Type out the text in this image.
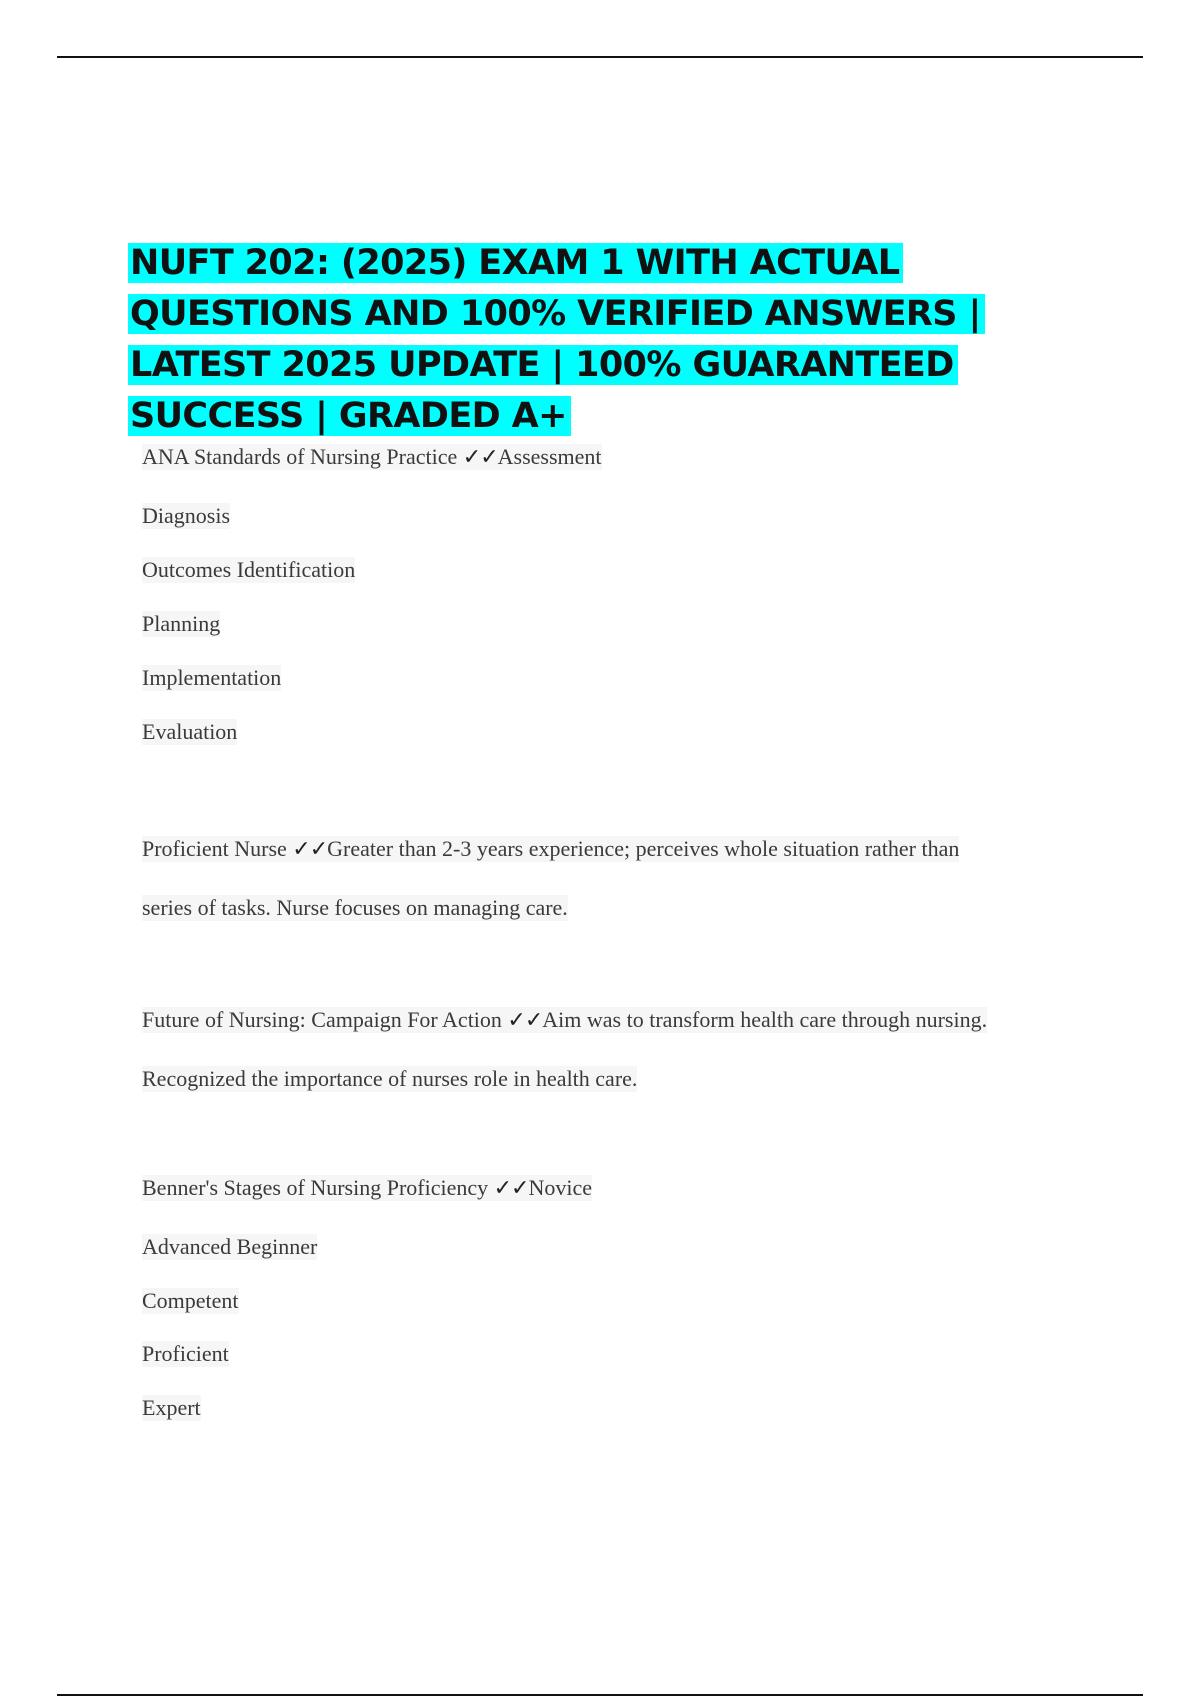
NUFT 202: (2025) EXAM 1 WITH ACTUAL
QUESTIONS AND 100% VERIFIED ANSWERS |
LATEST 2025 UPDATE | 100% GUARANTEED
SUCCESS | GRADED A+
ANA Standards of Nursing Practice ✓✓Assessment
Diagnosis
Outcomes Identification
Planning
Implementation
Evaluation
Proficient Nurse ✓✓Greater than 2-3 years experience; perceives whole situation rather than
series of tasks. Nurse focuses on managing care.
Future of Nursing: Campaign For Action ✓✓Aim was to transform health care through nursing.
Recognized the importance of nurses role in health care.
Benner's Stages of Nursing Proficiency ✓✓Novice
Advanced Beginner
Competent
Proficient
Expert
